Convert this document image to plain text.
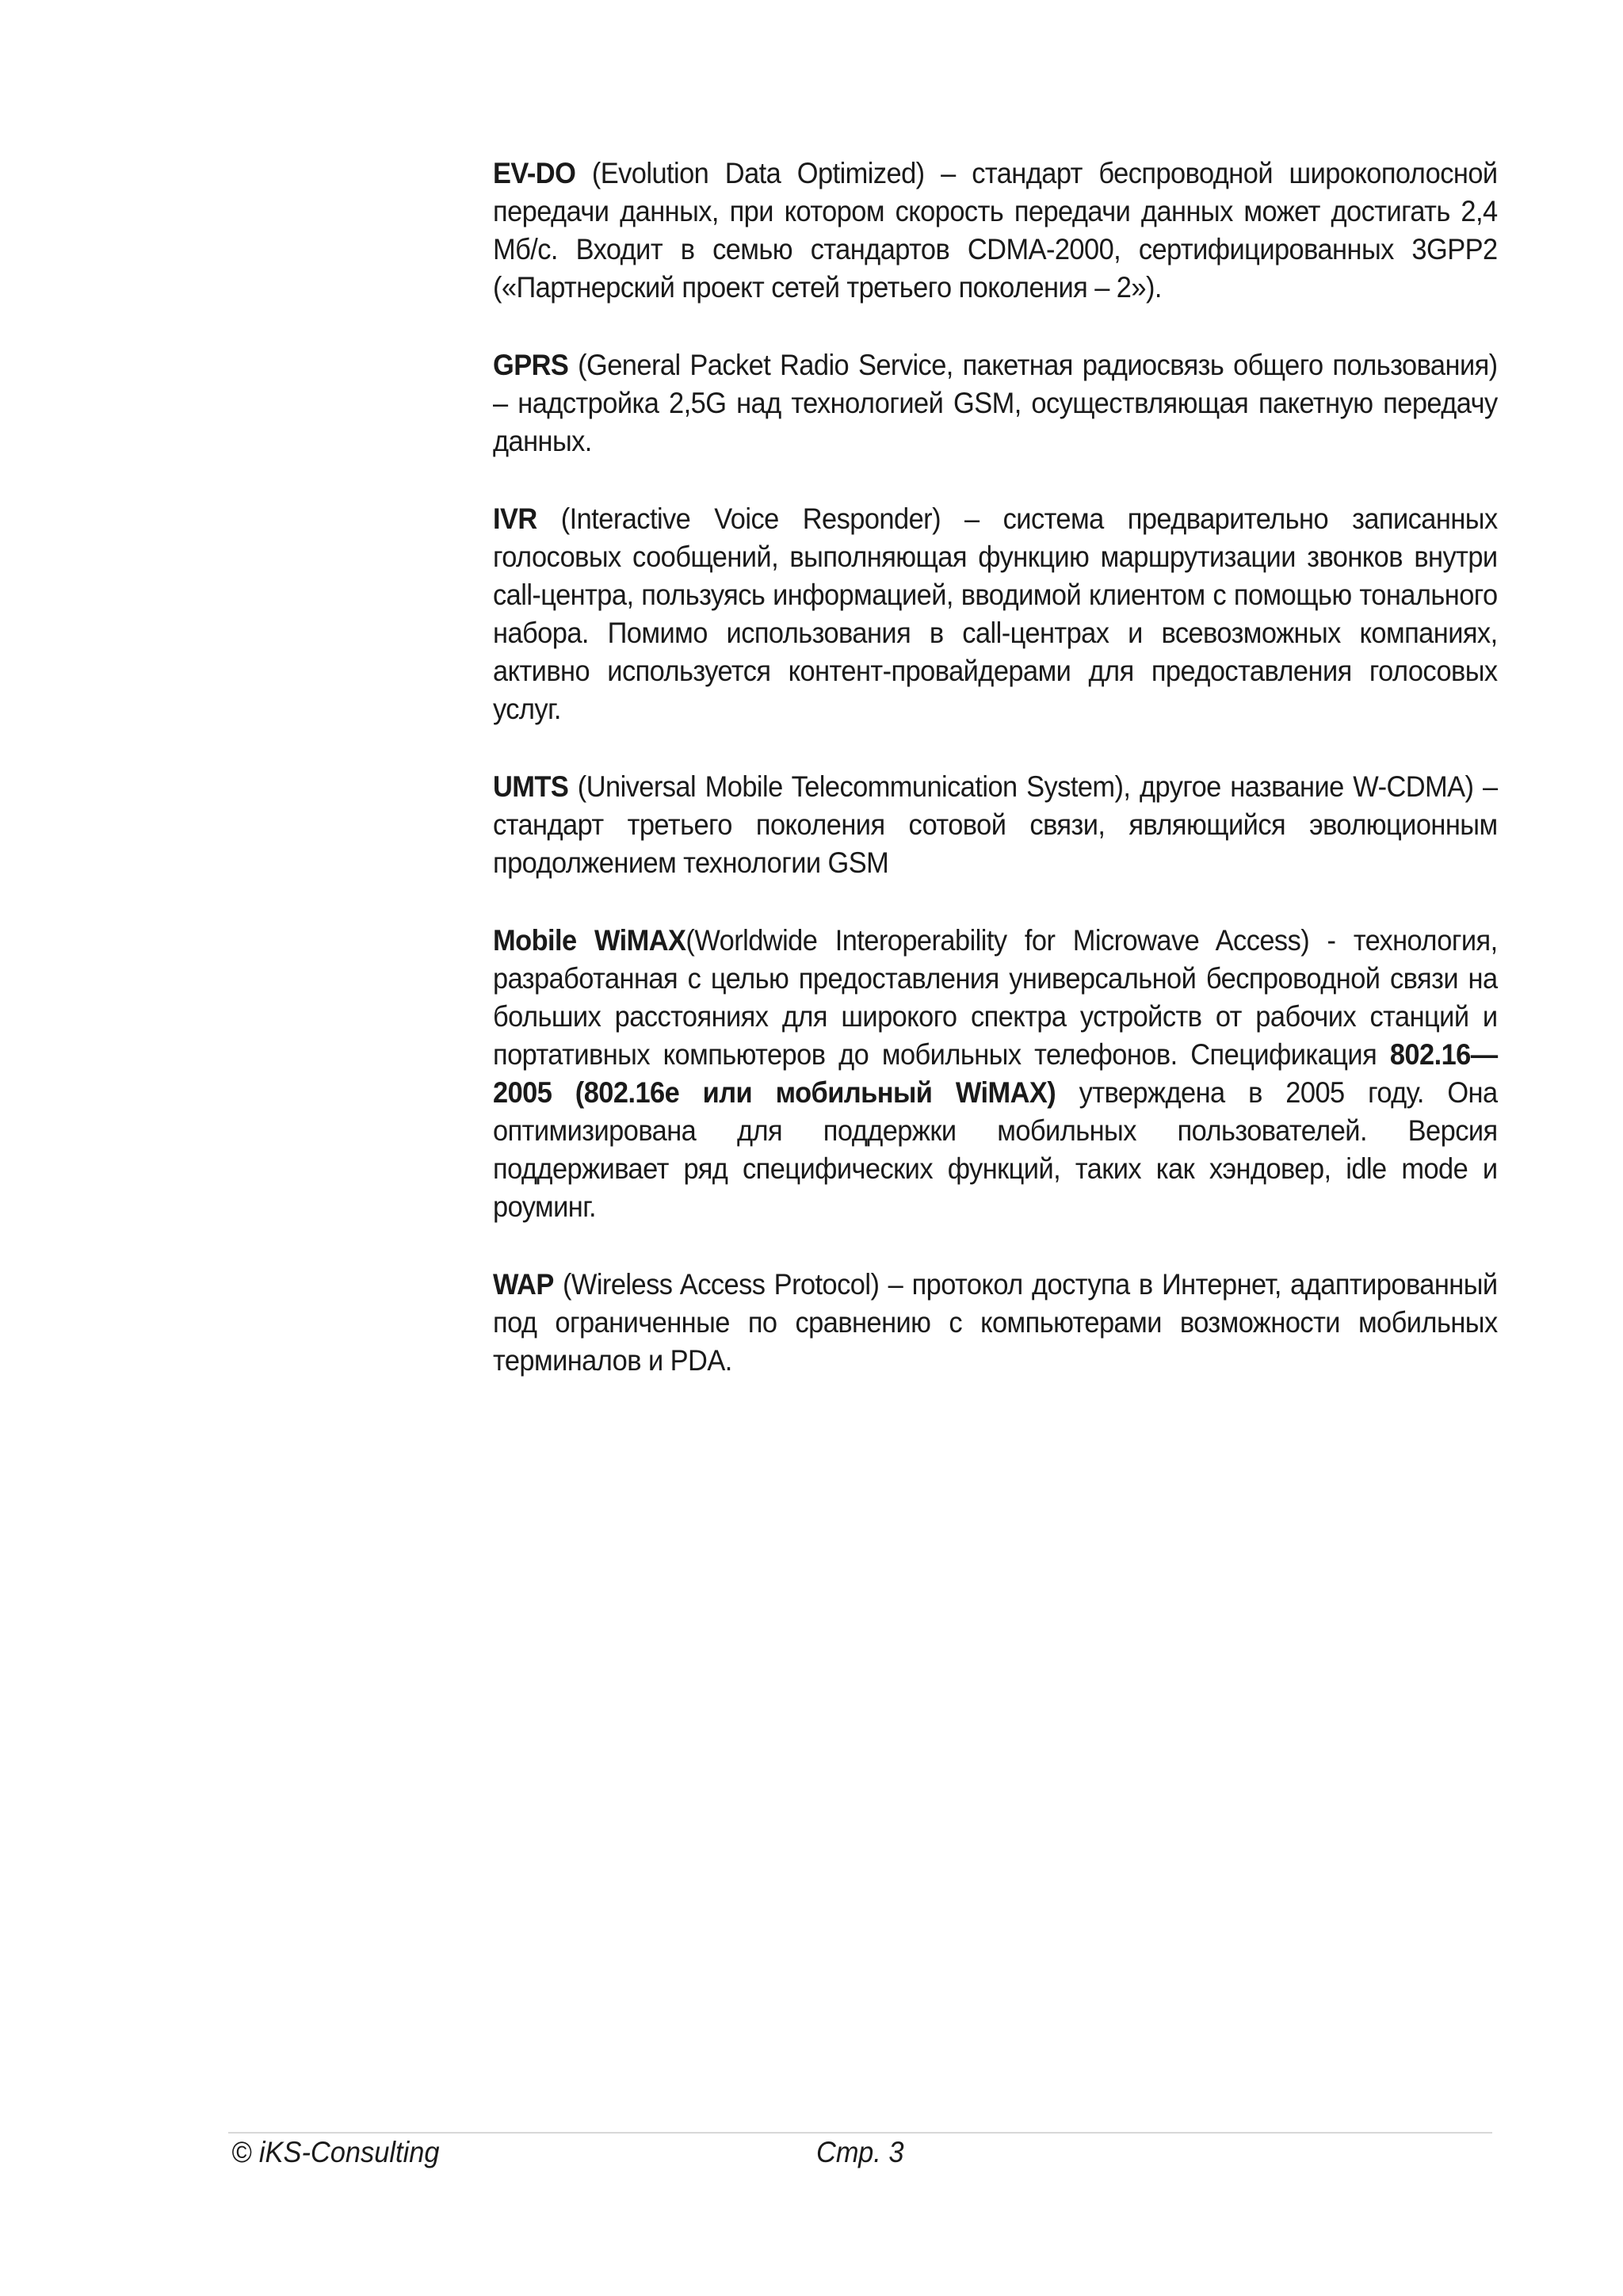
EV-DO (Evolution Data Optimized) – стандарт беспроводной широкополосной передачи данных, при котором скорость передачи данных может достигать 2,4 Мб/с. Входит в семью стандартов CDMA-2000, сертифицированных 3GPP2 («Партнерский проект сетей третьего поколения – 2»).

GPRS (General Packet Radio Service, пакетная радиосвязь общего пользования) – надстройка 2,5G над технологией GSM, осуществляющая пакетную передачу данных.

IVR (Interactive Voice Responder) – система предварительно записанных голосовых сообщений, выполняющая функцию маршрутизации звонков внутри call-центра, пользуясь информацией, вводимой клиентом с помощью тонального набора. Помимо использования в call-центрах и всевозможных компаниях, активно используется контент-провайдерами для предоставления голосовых услуг.

UMTS (Universal Mobile Telecommunication System), другое название W-CDMA) – стандарт третьего поколения сотовой связи, являющийся эволюционным продолжением технологии GSM

Mobile WiMAX(Worldwide Interoperability for Microwave Access) - технология, разработанная с целью предоставления универсальной беспроводной связи на больших расстояниях для широкого спектра устройств от рабочих станций и портативных компьютеров до мобильных телефонов. Спецификация 802.16—2005 (802.16e или мобильный WiMAX) утверждена в 2005 году. Она оптимизирована для поддержки мобильных пользователей. Версия поддерживает ряд специфических функций, таких как хэндовер, idle mode и роуминг.

WAP (Wireless Access Protocol) – протокол доступа в Интернет, адаптированный под ограниченные по сравнению с компьютерами возможности мобильных терминалов и PDA.

© iKS-Consulting	Стр. 3
